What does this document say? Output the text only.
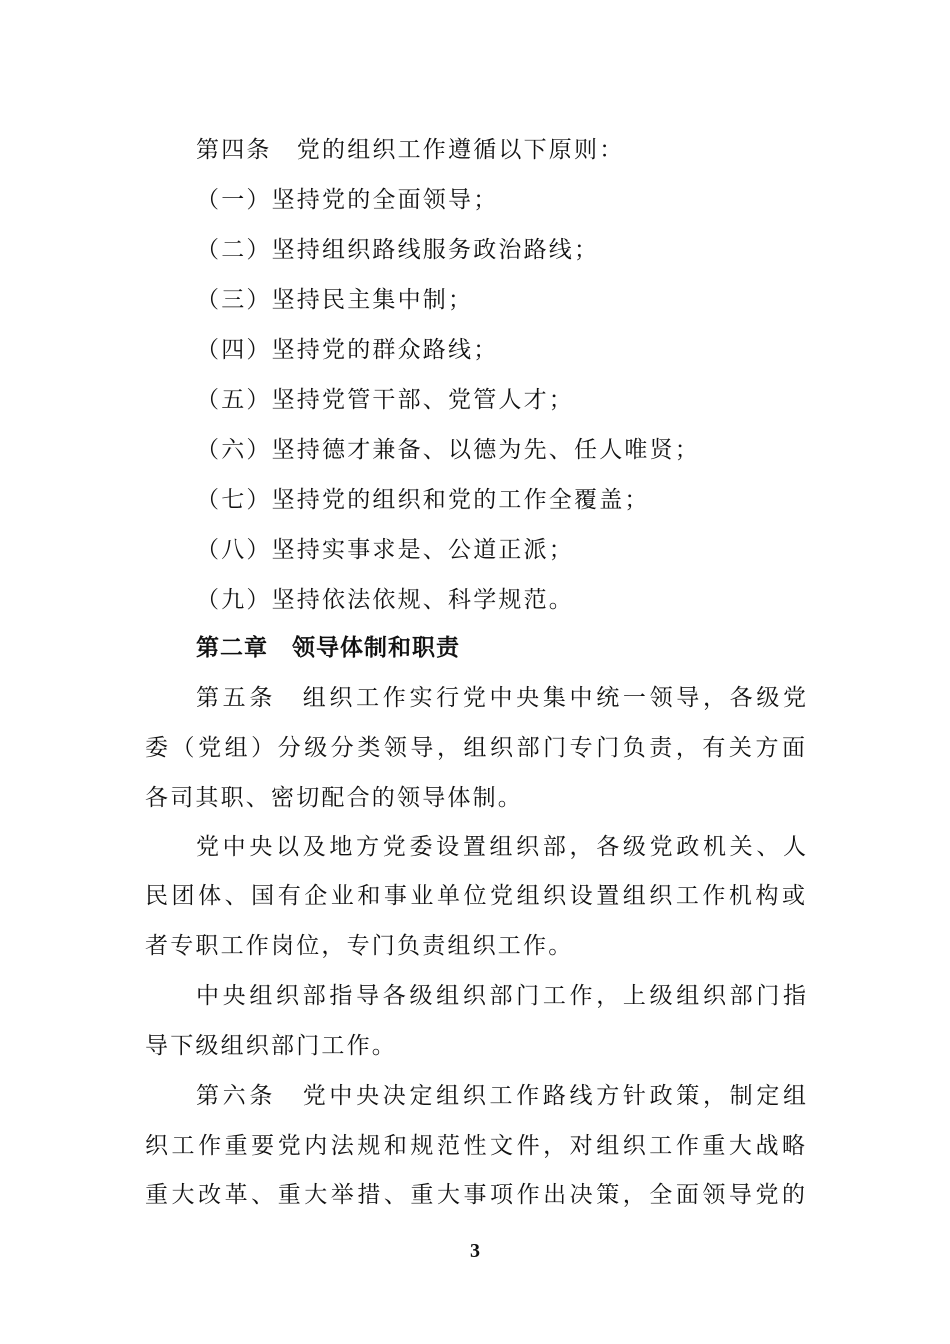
第四条　党的组织工作遵循以下原则：
（一）坚持党的全面领导；
（二）坚持组织路线服务政治路线；
（三）坚持民主集中制；
（四）坚持党的群众路线；
（五）坚持党管干部、党管人才；
（六）坚持德才兼备、以德为先、任人唯贤；
（七）坚持党的组织和党的工作全覆盖；
（八）坚持实事求是、公道正派；
（九）坚持依法依规、科学规范。
第二章　领导体制和职责
第五条　组织工作实行党中央集中统一领导，各级党
委（党组）分级分类领导，组织部门专门负责，有关方面
各司其职、密切配合的领导体制。
党中央以及地方党委设置组织部，各级党政机关、人
民团体、国有企业和事业单位党组织设置组织工作机构或
者专职工作岗位，专门负责组织工作。
中央组织部指导各级组织部门工作，上级组织部门指
导下级组织部门工作。
第六条　党中央决定组织工作路线方针政策，制定组
织工作重要党内法规和规范性文件，对组织工作重大战略
重大改革、重大举措、重大事项作出决策，全面领导党的
3
